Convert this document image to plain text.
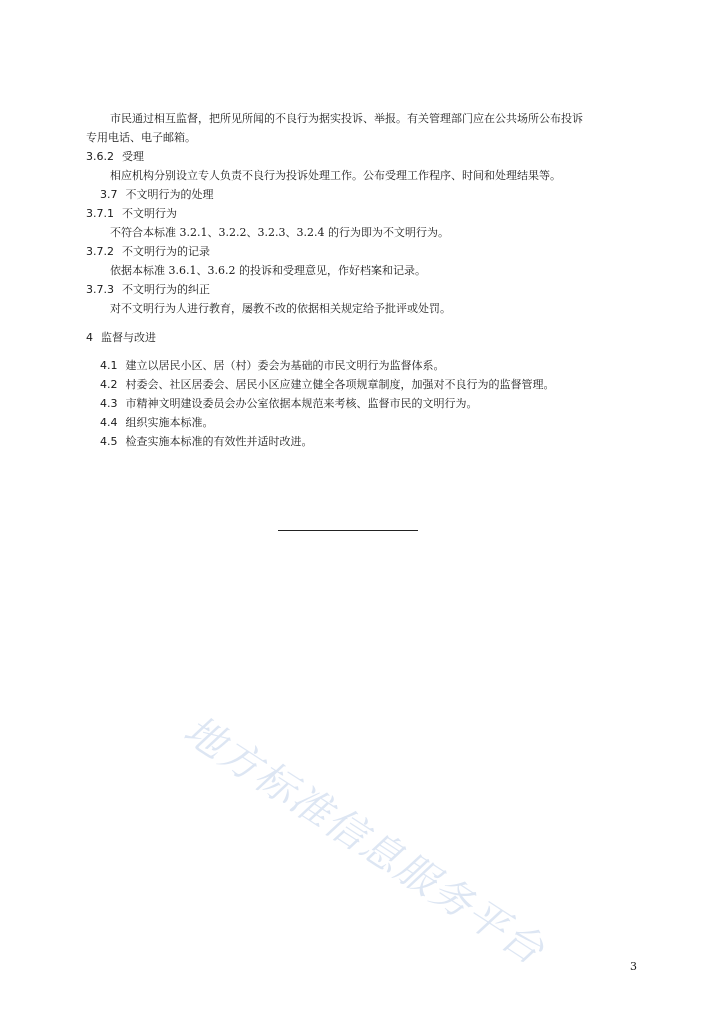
市民通过相互监督，把所见所闻的不良行为据实投诉、举报。有关管理部门应在公共场所公布投诉
专用电话、电子邮箱。
3.6.2 受理
相应机构分别设立专人负责不良行为投诉处理工作。公布受理工作程序、时间和处理结果等。
3.7 不文明行为的处理
3.7.1 不文明行为
不符合本标准 3.2.1、3.2.2、3.2.3、3.2.4 的行为即为不文明行为。
3.7.2 不文明行为的记录
依据本标准 3.6.1、3.6.2 的投诉和受理意见，作好档案和记录。
3.7.3 不文明行为的纠正
对不文明行为人进行教育，屡教不改的依据相关规定给予批评或处罚。
4 监督与改进
4.1 建立以居民小区、居（村）委会为基础的市民文明行为监督体系。
4.2 村委会、社区居委会、居民小区应建立健全各项规章制度，加强对不良行为的监督管理。
4.3 市精神文明建设委员会办公室依据本规范来考核、监督市民的文明行为。
4.4 组织实施本标准。
4.5 检查实施本标准的有效性并适时改进。
地方标准信息服务平台	3
